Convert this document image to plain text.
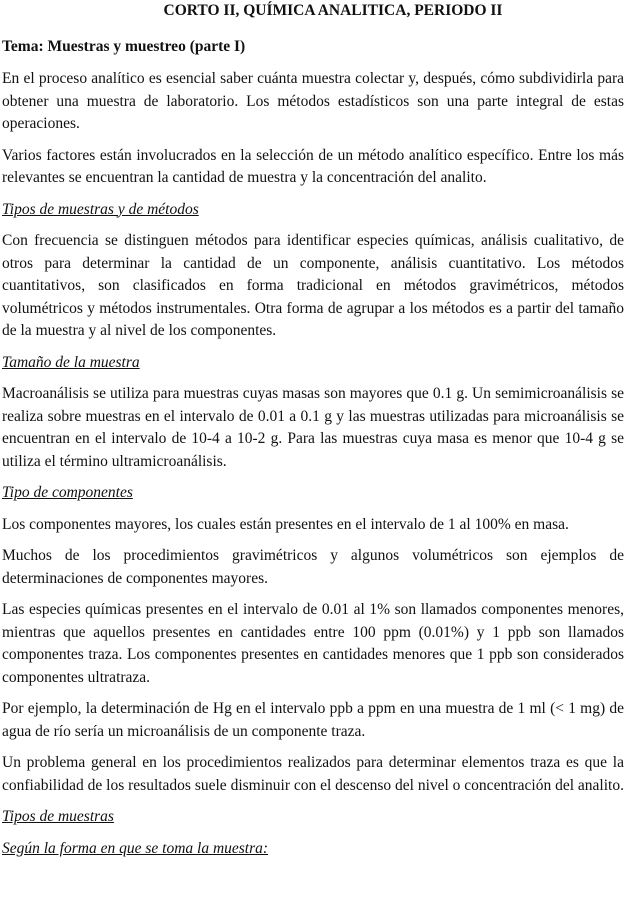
CORTO II, QUÍMICA ANALITICA, PERIODO II
Tema: Muestras y muestreo (parte I)

En el proceso analítico es esencial saber cuánta muestra colectar y, después, cómo subdividirla para obtener una muestra de laboratorio. Los métodos estadísticos son una parte integral de estas operaciones.

Varios factores están involucrados en la selección de un método analítico específico. Entre los más relevantes se encuentran la cantidad de muestra y la concentración del analito.

Tipos de muestras y de métodos

Con frecuencia se distinguen métodos para identificar especies químicas, análisis cualitativo, de otros para determinar la cantidad de un componente, análisis cuantitativo. Los métodos cuantitativos, son clasificados en forma tradicional en métodos gravimétricos, métodos volumétricos y métodos instrumentales. Otra forma de agrupar a los métodos es a partir del tamaño de la muestra y al nivel de los componentes.

Tamaño de la muestra

Macroanálisis se utiliza para muestras cuyas masas son mayores que 0.1 g. Un semimicroanálisis se realiza sobre muestras en el intervalo de 0.01 a 0.1 g y las muestras utilizadas para microanálisis se encuentran en el intervalo de 10-4 a 10-2 g. Para las muestras cuya masa es menor que 10-4 g se utiliza el término ultramicroanálisis.

Tipo de componentes

Los componentes mayores, los cuales están presentes en el intervalo de 1 al 100% en masa.

Muchos de los procedimientos gravimétricos y algunos volumétricos son ejemplos de determinaciones de componentes mayores.

Las especies químicas presentes en el intervalo de 0.01 al 1% son llamados componentes menores, mientras que aquellos presentes en cantidades entre 100 ppm (0.01%) y 1 ppb son llamados componentes traza. Los componentes presentes en cantidades menores que 1 ppb son considerados componentes ultratraza.

Por ejemplo, la determinación de Hg en el intervalo ppb a ppm en una muestra de 1 ml (< 1 mg) de agua de río sería un microanálisis de un componente traza.

Un problema general en los procedimientos realizados para determinar elementos traza es que la confiabilidad de los resultados suele disminuir con el descenso del nivel o concentración del analito.

Tipos de muestras
Según la forma en que se toma la muestra:
